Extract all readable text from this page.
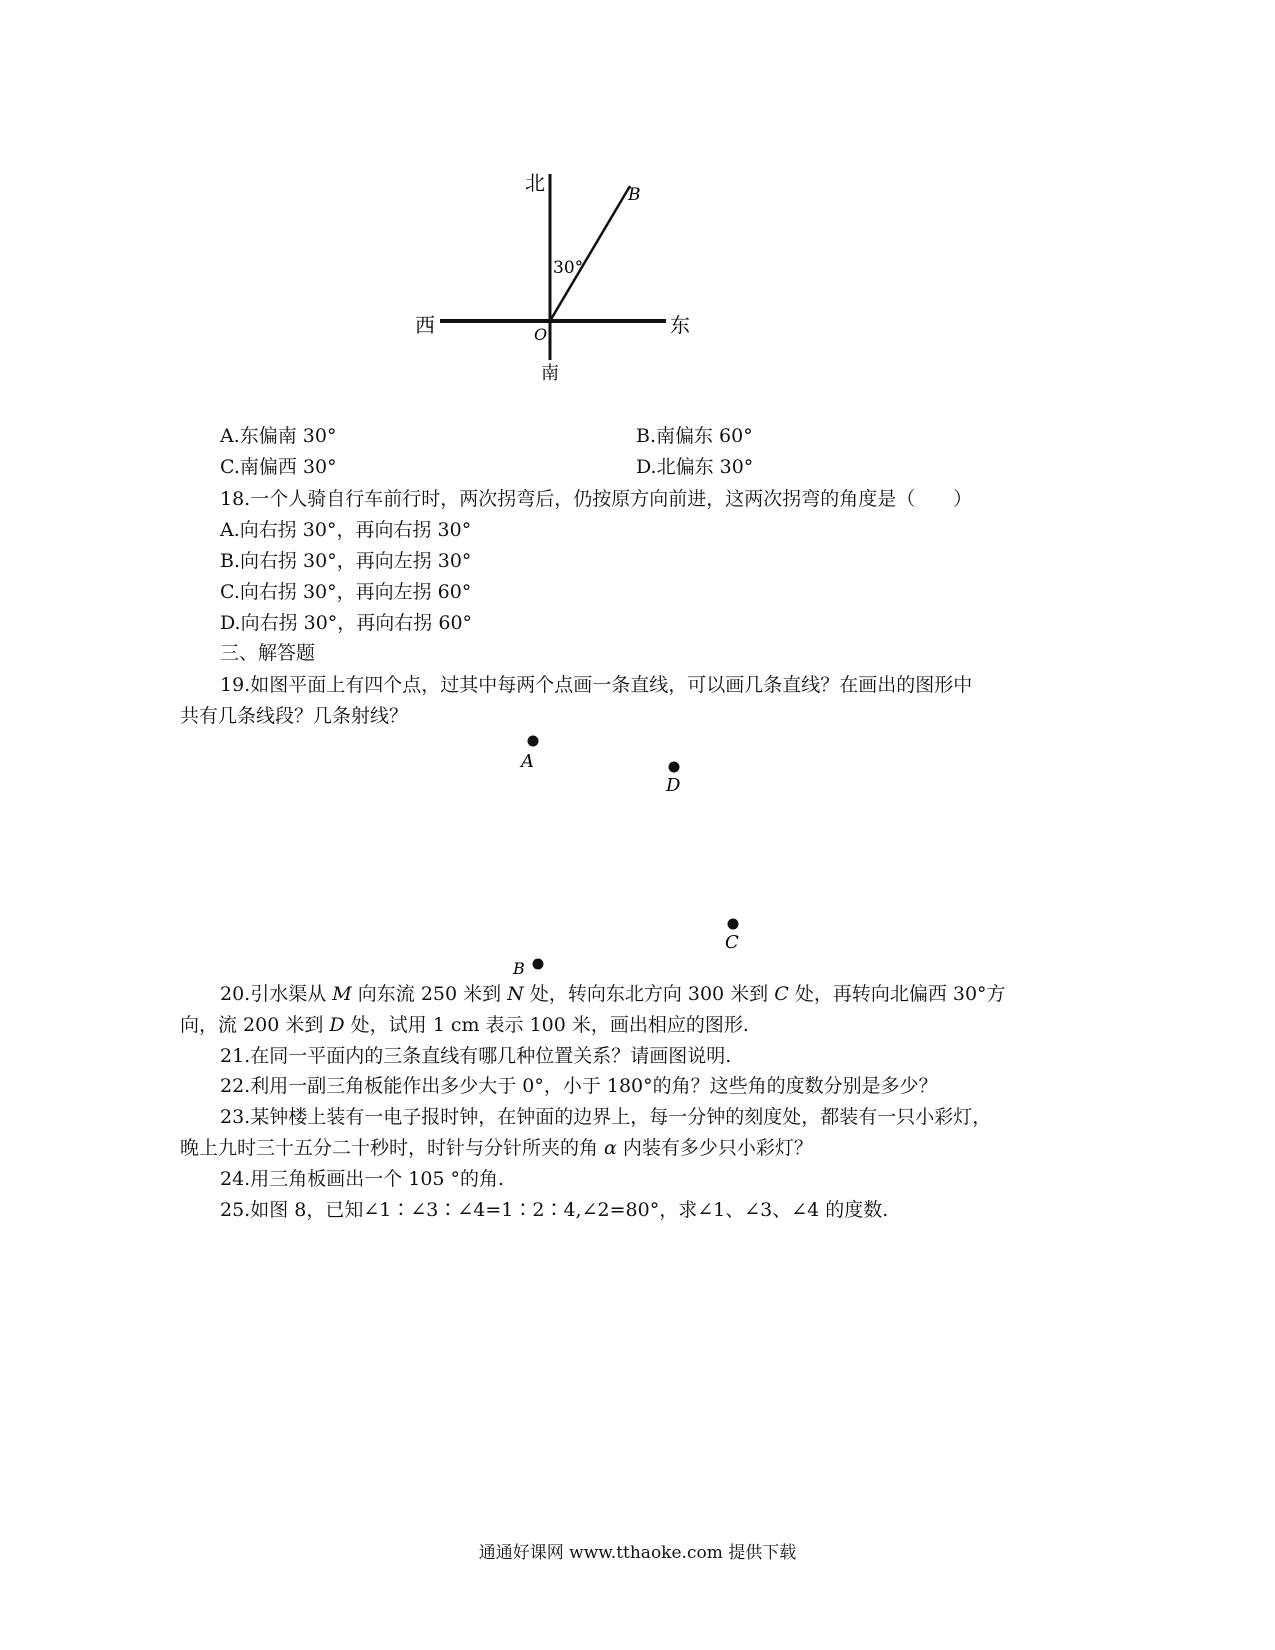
北
西	东
南
O
B
30°
A.东偏南 30°	B.南偏东 60°
C.南偏西 30°	D.北偏东 30°
18.一个人骑自行车前行时，两次拐弯后，仍按原方向前进，这两次拐弯的角度是（　　）
A.向右拐 30°，再向右拐 30°
B.向右拐 30°，再向左拐 30°
C.向右拐 30°，再向左拐 60°
D.向右拐 30°，再向右拐 60°
三、解答题
19.如图平面上有四个点，过其中每两个点画一条直线，可以画几条直线？在画出的图形中
共有几条线段？几条射线？
A
D
C
B
20.引水渠从 M 向东流 250 米到 N 处，转向东北方向 300 米到 C 处，再转向北偏西 30°方
向，流 200 米到 D 处，试用 1 cm 表示 100 米，画出相应的图形.
21.在同一平面内的三条直线有哪几种位置关系？请画图说明.
22.利用一副三角板能作出多少大于 0°，小于 180°的角？这些角的度数分别是多少？
23.某钟楼上装有一电子报时钟，在钟面的边界上，每一分钟的刻度处，都装有一只小彩灯，
晚上九时三十五分二十秒时，时针与分针所夹的角 α 内装有多少只小彩灯？
24.用三角板画出一个 105 °的角.
25.如图 8，已知∠1∶∠3∶∠4=1∶2∶4,∠2=80°，求∠1、∠3、∠4 的度数.
通通好课网 www.tthaoke.com 提供下载
